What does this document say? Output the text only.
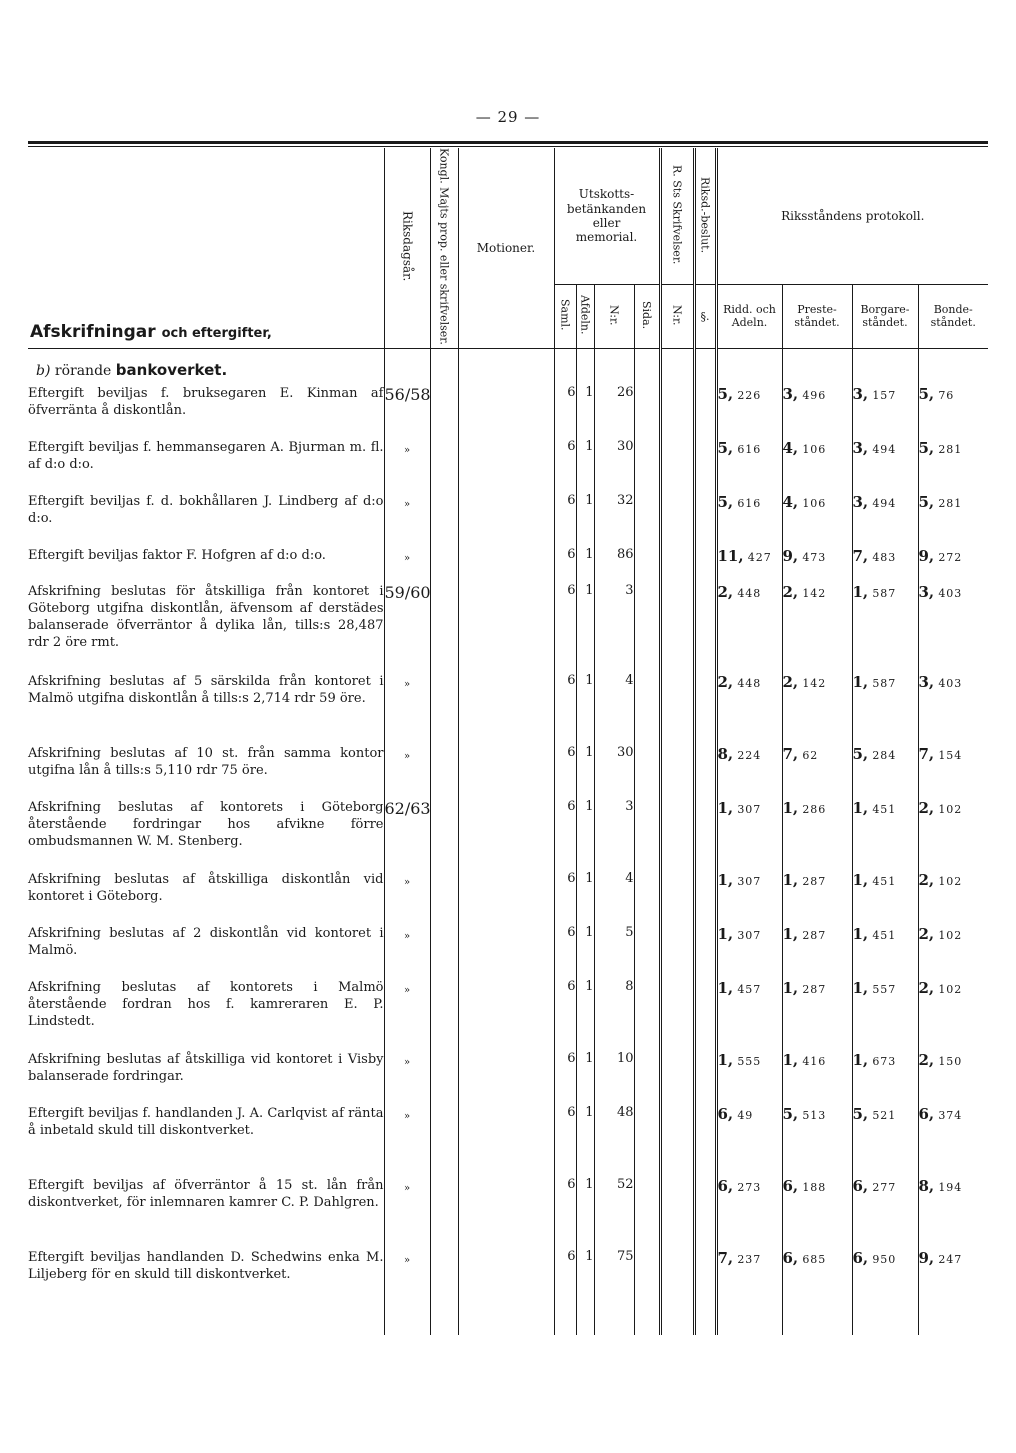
— 29 —
Afskrifningar och eftergifter,	Riksdagsår.	Kongl. Majts prop. eller skrifvelser.	Motioner.	Utskotts-betänkanden eller memorial.				R. Sts Skrifvelser.	Riksd.-beslut.	Riksståndens protokoll.			
				Saml.	Afdeln.	N:r.	Sida.	N:r.	§.	Ridd. och Adeln.	Preste-ståndet.	Borgare-ståndet.	Bonde-ståndet.
b) rörande bankoverket.													
Eftergift beviljas f. bruksegaren E. Kinman af öfverränta å diskontlån.	56/58			6	1	26				5, 226	3, 496	3, 157	5, 76
Eftergift beviljas f. hemmansegaren A. Bjurman m. fl. af d:o d:o.	»			6	1	30				5, 616	4, 106	3, 494	5, 281
Eftergift beviljas f. d. bokhållaren J. Lindberg af d:o d:o.	»			6	1	32				5, 616	4, 106	3, 494	5, 281
Eftergift beviljas faktor F. Hofgren af d:o d:o.	»			6	1	86				11, 427	9, 473	7, 483	9, 272
Afskrifning beslutas för åtskilliga från kontoret i Göteborg utgifna diskontlån, äfvensom af derstädes balanserade öfverräntor å dylika lån, tills:s 28,487 rdr 2 öre rmt.	59/60			6	1	3				2, 448	2, 142	1, 587	3, 403
Afskrifning beslutas af 5 särskilda från kontoret i Malmö utgifna diskontlån å tills:s 2,714 rdr 59 öre.	»			6	1	4				2, 448	2, 142	1, 587	3, 403
Afskrifning beslutas af 10 st. från samma kontor utgifna lån å tills:s 5,110 rdr 75 öre.	»			6	1	30				8, 224	7, 62	5, 284	7, 154
Afskrifning beslutas af kontorets i Göteborg återstående fordringar hos afvikne förre ombudsmannen W. M. Stenberg.	62/63			6	1	3				1, 307	1, 286	1, 451	2, 102
Afskrifning beslutas af åtskilliga diskontlån vid kontoret i Göteborg.	»			6	1	4				1, 307	1, 287	1, 451	2, 102
Afskrifning beslutas af 2 diskontlån vid kontoret i Malmö.	»			6	1	5				1, 307	1, 287	1, 451	2, 102
Afskrifning beslutas af kontorets i Malmö återstående fordran hos f. kamreraren E. P. Lindstedt.	»			6	1	8				1, 457	1, 287	1, 557	2, 102
Afskrifning beslutas af åtskilliga vid kontoret i Visby balanserade fordringar.	»			6	1	10				1, 555	1, 416	1, 673	2, 150
Eftergift beviljas f. handlanden J. A. Carlqvist af ränta å inbetald skuld till diskontverket.	»			6	1	48				6, 49	5, 513	5, 521	6, 374
Eftergift beviljas af öfverräntor å 15 st. lån från diskontverket, för inlemnaren kamrer C. P. Dahlgren.	»			6	1	52				6, 273	6, 188	6, 277	8, 194
Eftergift beviljas handlanden D. Schedwins enka M. Liljeberg för en skuld till diskontverket.	»			6	1	75				7, 237	6, 685	6, 950	9, 247
